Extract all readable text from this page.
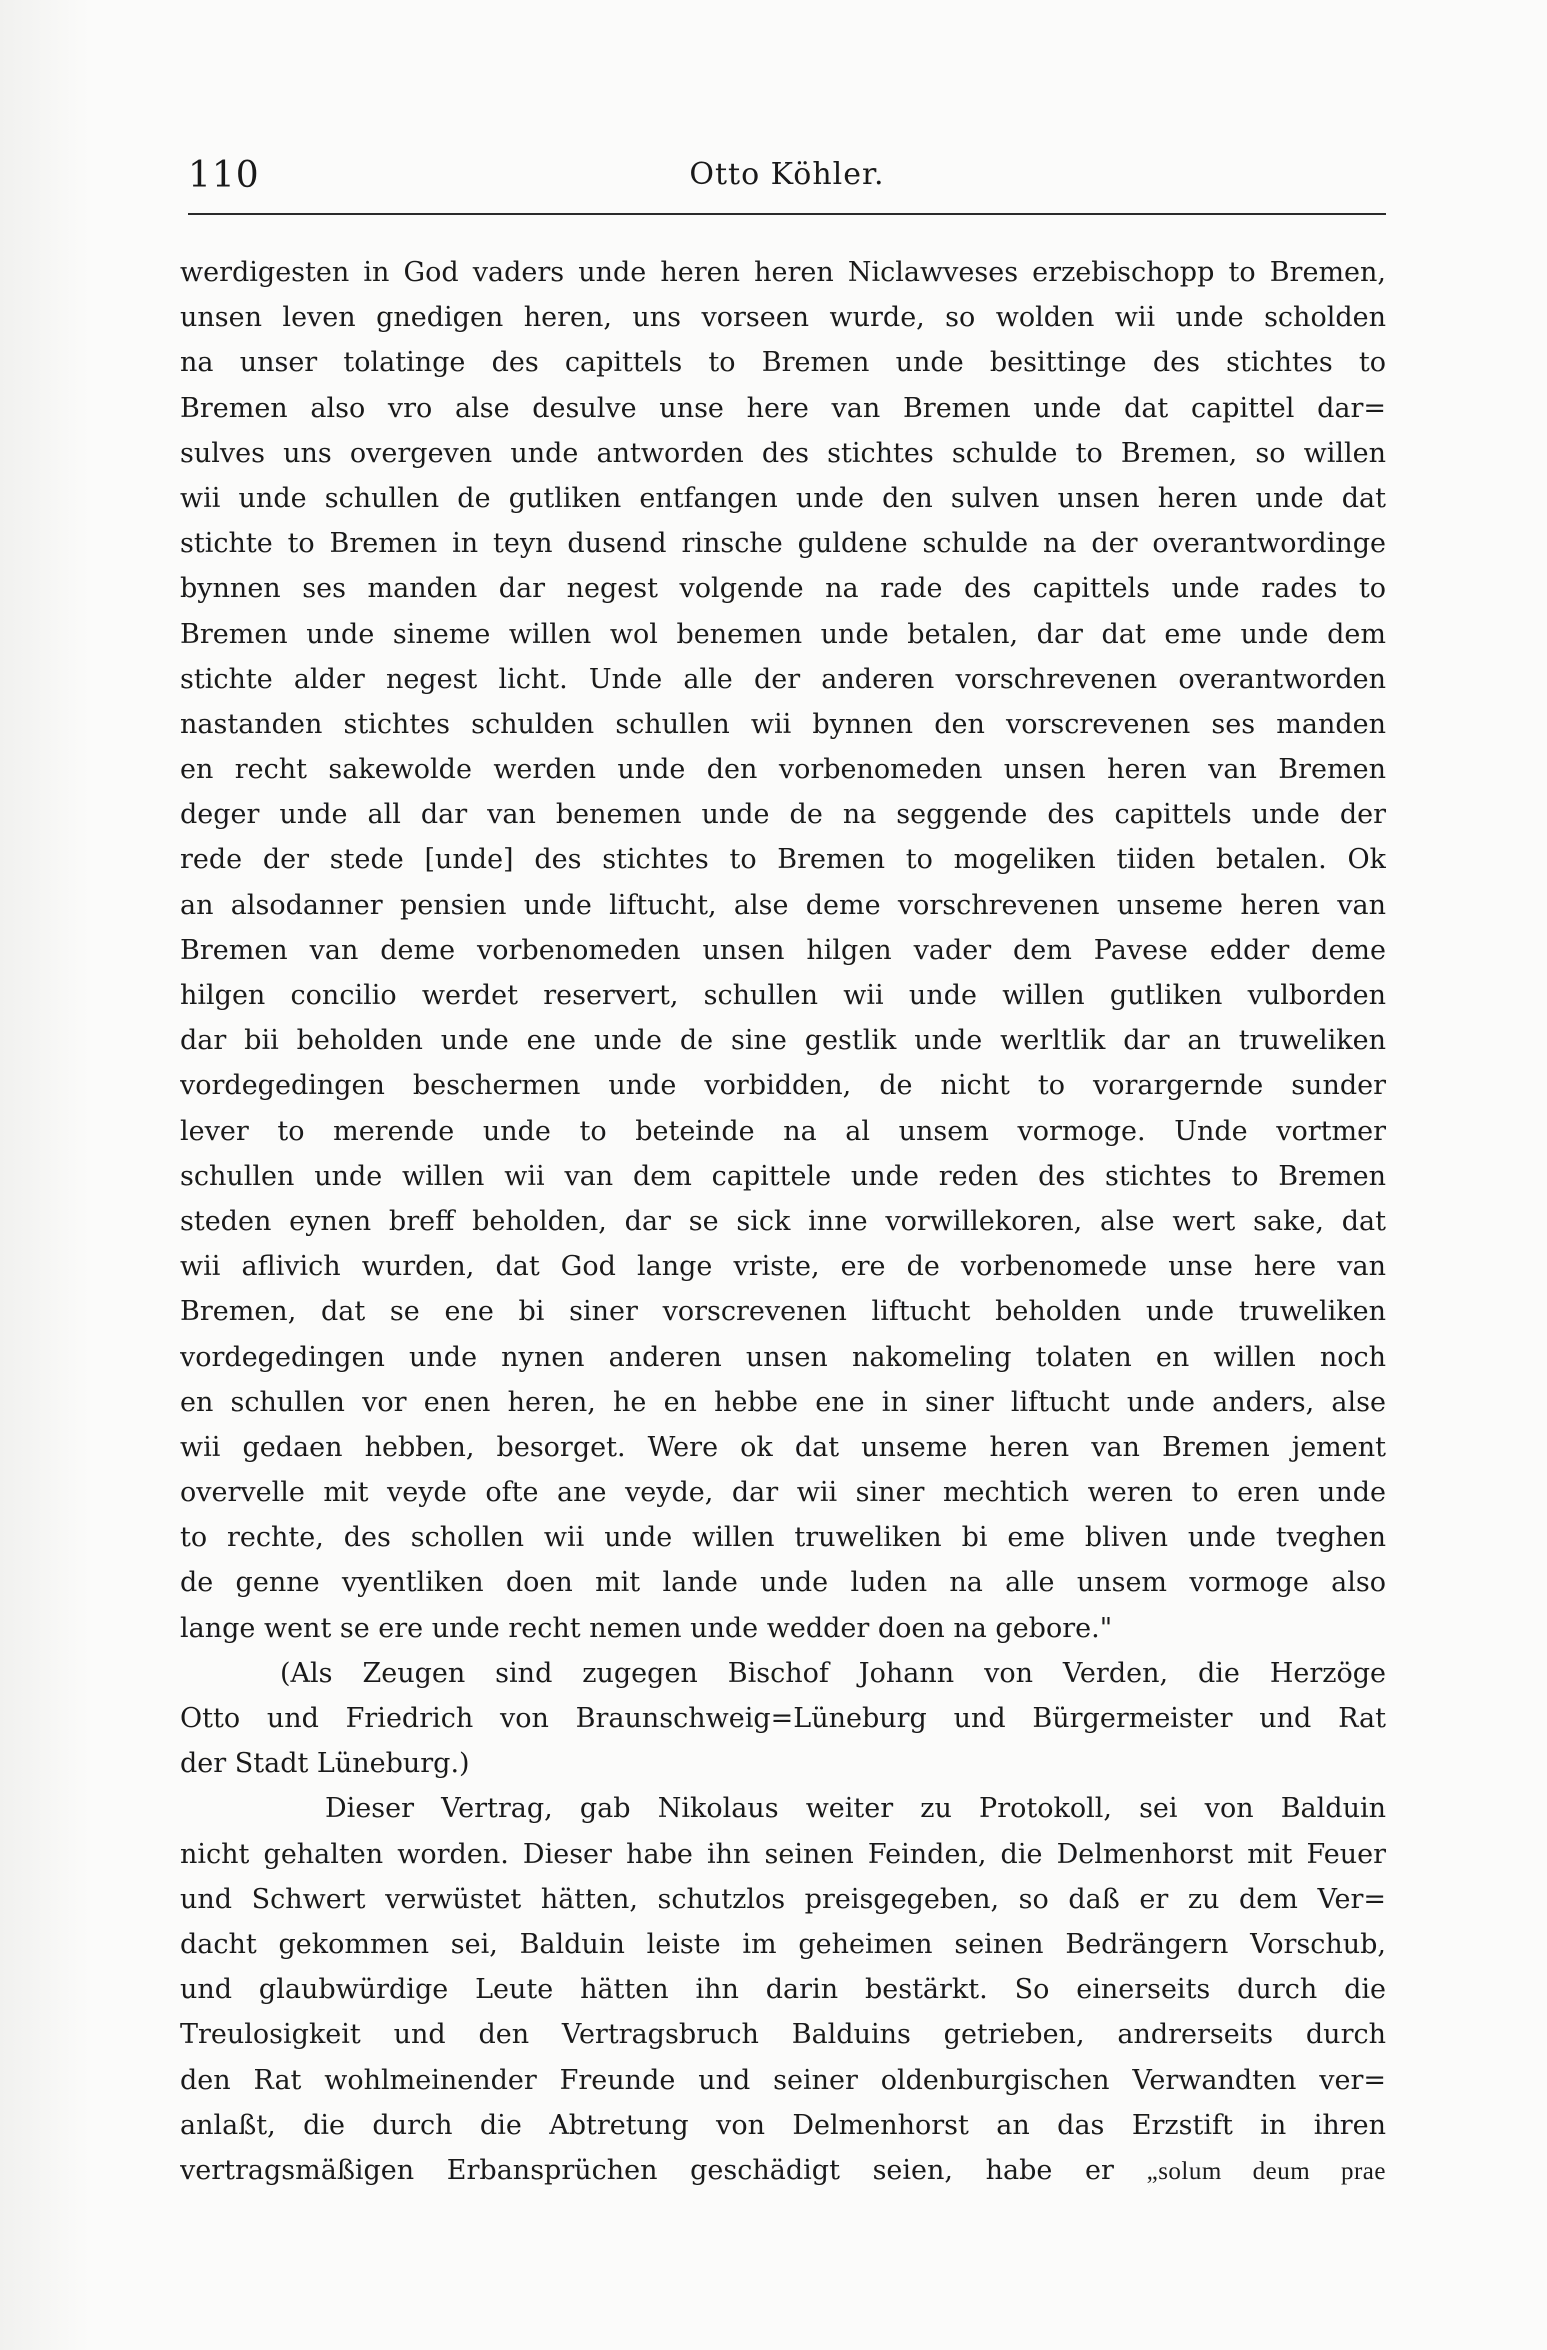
110	Otto Köhler.
werdigesten in God vaders unde heren heren Niclawveses erzebischopp to Bremen,
unsen leven gnedigen heren, uns vorseen wurde, so wolden wii unde scholden
na unser tolatinge des capittels to Bremen unde besittinge des stichtes to
Bremen also vro alse desulve unse here van Bremen unde dat capittel dar=
sulves uns overgeven unde antworden des stichtes schulde to Bremen, so willen
wii unde schullen de gutliken entfangen unde den sulven unsen heren unde dat
stichte to Bremen in teyn dusend rinsche guldene schulde na der overantwordinge
bynnen ses manden dar negest volgende na rade des capittels unde rades to
Bremen unde sineme willen wol benemen unde betalen, dar dat eme unde dem
stichte alder negest licht. Unde alle der anderen vorschrevenen overantworden
nastanden stichtes schulden schullen wii bynnen den vorscrevenen ses manden
en recht sakewolde werden unde den vorbenomeden unsen heren van Bremen
deger unde all dar van benemen unde de na seggende des capittels unde der
rede der stede [unde] des stichtes to Bremen to mogeliken tiiden betalen. Ok
an alsodanner pensien unde liftucht, alse deme vorschrevenen unseme heren van
Bremen van deme vorbenomeden unsen hilgen vader dem Pavese edder deme
hilgen concilio werdet reservert, schullen wii unde willen gutliken vulborden
dar bii beholden unde ene unde de sine gestlik unde werltlik dar an truweliken
vordegedingen beschermen unde vorbidden, de nicht to vorargernde sunder
lever to merende unde to beteinde na al unsem vormoge. Unde vortmer
schullen unde willen wii van dem capittele unde reden des stichtes to Bremen
steden eynen breff beholden, dar se sick inne vorwillekoren, alse wert sake, dat
wii aflivich wurden, dat God lange vriste, ere de vorbenomede unse here van
Bremen, dat se ene bi siner vorscrevenen liftucht beholden unde truweliken
vordegedingen unde nynen anderen unsen nakomeling tolaten en willen noch
en schullen vor enen heren, he en hebbe ene in siner liftucht unde anders, alse
wii gedaen hebben, besorget. Were ok dat unseme heren van Bremen jement
overvelle mit veyde ofte ane veyde, dar wii siner mechtich weren to eren unde
to rechte, des schollen wii unde willen truweliken bi eme bliven unde tveghen
de genne vyentliken doen mit lande unde luden na alle unsem vormoge also
lange went se ere unde recht nemen unde wedder doen na gebore."
(Als Zeugen sind zugegen Bischof Johann von Verden, die Herzöge
Otto und Friedrich von Braunschweig=Lüneburg und Bürgermeister und Rat
der Stadt Lüneburg.)
Dieser Vertrag, gab Nikolaus weiter zu Protokoll, sei von Balduin
nicht gehalten worden. Dieser habe ihn seinen Feinden, die Delmenhorst mit Feuer
und Schwert verwüstet hätten, schutzlos preisgegeben, so daß er zu dem Ver=
dacht gekommen sei, Balduin leiste im geheimen seinen Bedrängern Vorschub,
und glaubwürdige Leute hätten ihn darin bestärkt. So einerseits durch die
Treulosigkeit und den Vertragsbruch Balduins getrieben, andrerseits durch
den Rat wohlmeinender Freunde und seiner oldenburgischen Verwandten ver=
anlaßt, die durch die Abtretung von Delmenhorst an das Erzstift in ihren
vertragsmäßigen Erbansprüchen geschädigt seien, habe er „solum deum prae
